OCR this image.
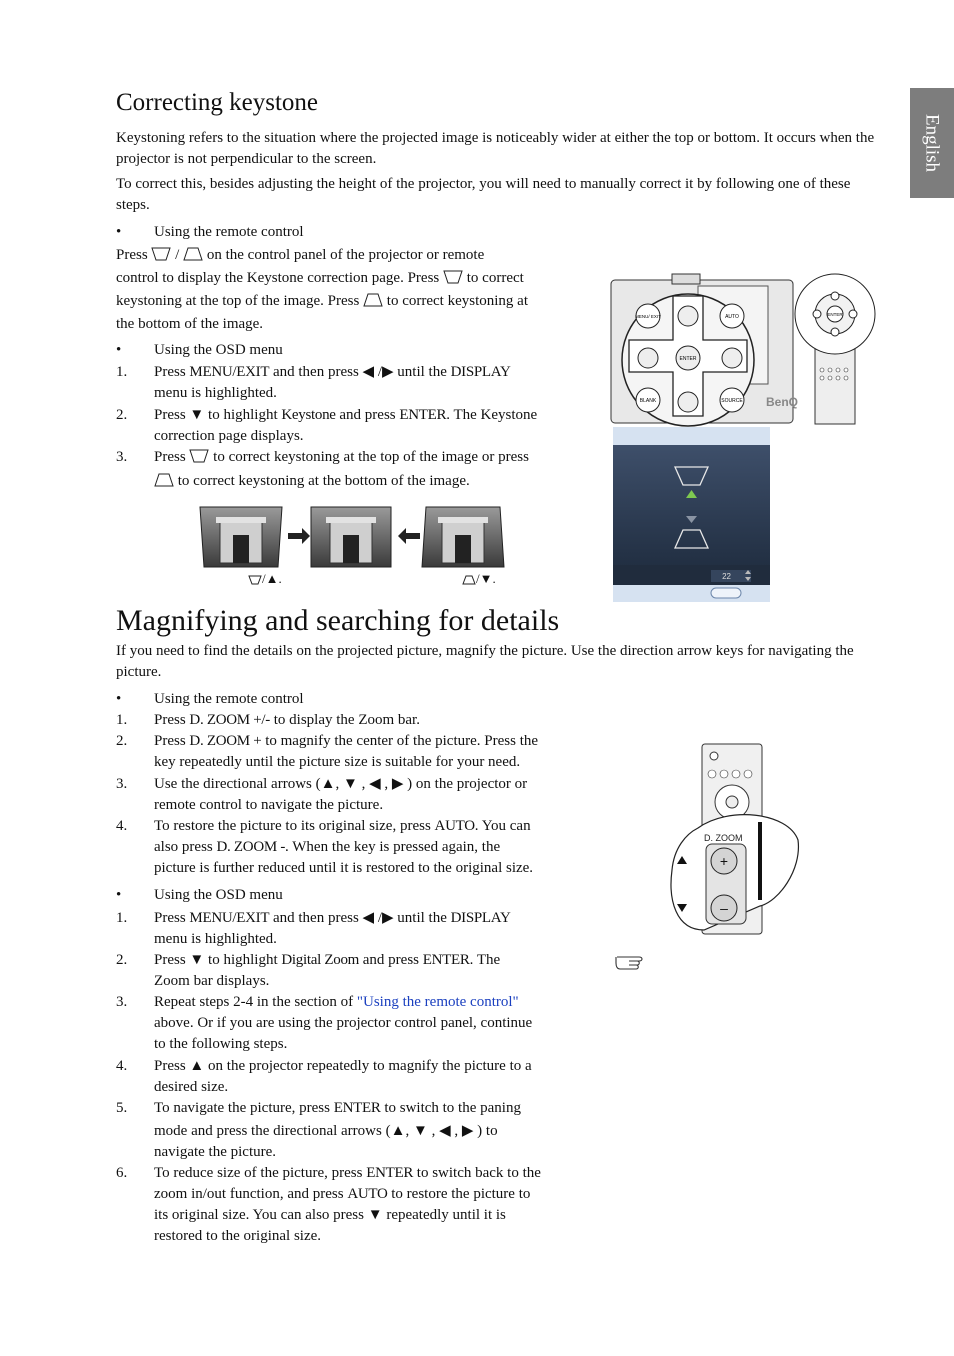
English
Correcting keystone

Keystoning refers to the situation where the projected image is noticeably wider at either the top or bottom. It occurs when the projector is not perpendicular to the screen.

To correct this, besides adjusting the height of the projector, you will need to manually correct it by following one of these steps.

• Using the remote control
Press / on the control panel of the projector or remote
control to display the Keystone correction page. Press to correct
keystoning at the top of the image. Press to correct keystoning at
the bottom of the image.
• Using the OSD menu
1. Press MENU/EXIT and then press ◀ /▶ until the DISPLAY
menu is highlighted.
2. Press ▼ to highlight Keystone and press ENTER. The Keystone
correction page displays.
3. Press to correct keystoning at the top of the image or press
to correct keystoning at the bottom of the image.
/▲.	/▼.
MENU/ EXIT	AUTO
ENTER
BLANK	SOURCE BenQ
ENTER
22
Magnifying and searching for details

If you need to find the details on the projected picture, magnify the picture. Use the direction arrow keys for navigating the picture.

• Using the remote control
1. Press D. ZOOM +/- to display the Zoom bar.
2. Press D. ZOOM + to magnify the center of the picture. Press the
key repeatedly until the picture size is suitable for your need.
3. Use the directional arrows (▲, ▼ , ◀ , ▶ ) on the projector or
remote control to navigate the picture.
4. To restore the picture to its original size, press AUTO. You can
also press D. ZOOM -. When the key is pressed again, the
picture is further reduced until it is restored to the original size.
• Using the OSD menu
1. Press MENU/EXIT and then press ◀ /▶ until the DISPLAY
menu is highlighted.
2. Press ▼ to highlight Digital Zoom and press ENTER. The
Zoom bar displays.
3. Repeat steps 2-4 in the section of "Using the remote control"
above. Or if you are using the projector control panel, continue
to the following steps.
4. Press ▲ on the projector repeatedly to magnify the picture to a
desired size.
5. To navigate the picture, press ENTER to switch to the paning
mode and press the directional arrows (▲, ▼ , ◀ , ▶ ) to
navigate the picture.
6. To reduce size of the picture, press ENTER to switch back to the
zoom in/out function, and press AUTO to restore the picture to
its original size. You can also press ▼ repeatedly until it is
restored to the original size.
D. ZOOM
+
–
